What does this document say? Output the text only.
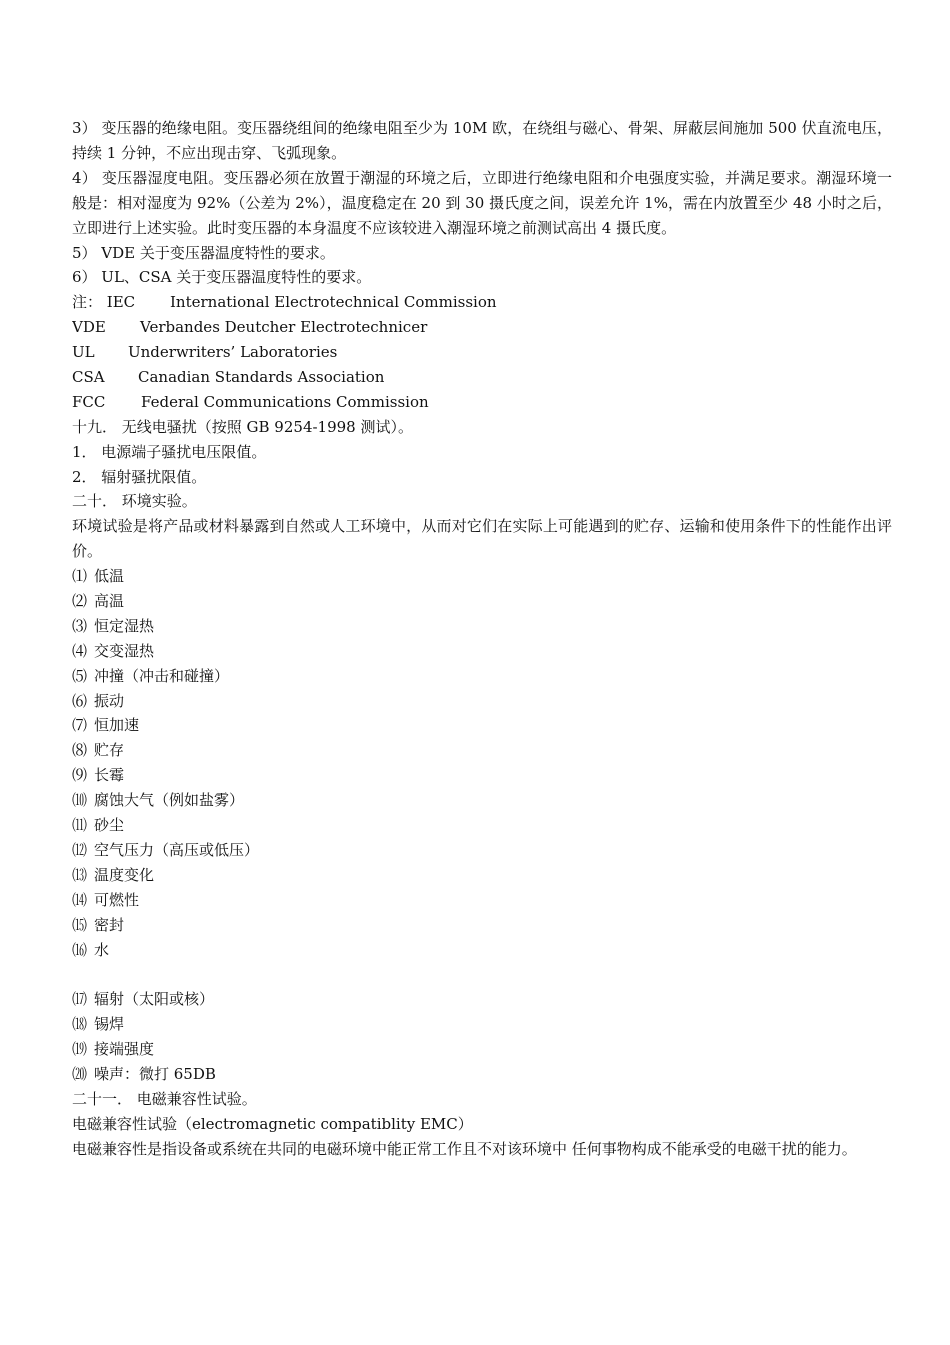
3） 变压器的绝缘电阻。变压器绕组间的绝缘电阻至少为 10M 欧，在绕组与磁心、骨架、屏蔽层间施加 500 伏直流电压，持续 1 分钟，不应出现击穿、飞弧现象。
4） 变压器湿度电阻。变压器必须在放置于潮湿的环境之后，立即进行绝缘电阻和介电强度实验，并满足要求。潮湿环境一般是：相对湿度为 92%（公差为 2%），温度稳定在 20 到 30 摄氏度之间，误差允许 1%，需在内放置至少 48 小时之后，立即进行上述实验。此时变压器的本身温度不应该较进入潮湿环境之前测试高出 4 摄氏度。
5） VDE 关于变压器温度特性的要求。
6） UL、CSA 关于变压器温度特性的要求。
注： IEC International Electrotechnical Commission
VDE Verbandes Deutcher Electrotechnicer
UL Underwriters’ Laboratories
CSA Canadian Standards Association
FCC Federal Communications Commission
十九． 无线电骚扰（按照 GB 9254-1998 测试）。
1． 电源端子骚扰电压限值。
2． 辐射骚扰限值。
二十． 环境实验。
环境试验是将产品或材料暴露到自然或人工环境中，从而对它们在实际上可能遇到的贮存、运输和使用条件下的性能作出评价。
⑴ 低温
⑵ 高温
⑶ 恒定湿热
⑷ 交变湿热
⑸ 冲撞（冲击和碰撞）
⑹ 振动
⑺ 恒加速
⑻ 贮存
⑼ 长霉
⑽ 腐蚀大气（例如盐雾）
⑾ 砂尘
⑿ 空气压力（高压或低压）
⒀ 温度变化
⒁ 可燃性
⒂ 密封
⒃ 水
⒄ 辐射（太阳或核）
⒅ 锡焊
⒆ 接端强度
⒇ 噪声：微打 65DB
二十一． 电磁兼容性试验。
电磁兼容性试验（electromagnetic compatiblity EMC）
电磁兼容性是指设备或系统在共同的电磁环境中能正常工作且不对该环境中 任何事物构成不能承受的电磁干扰的能力。
